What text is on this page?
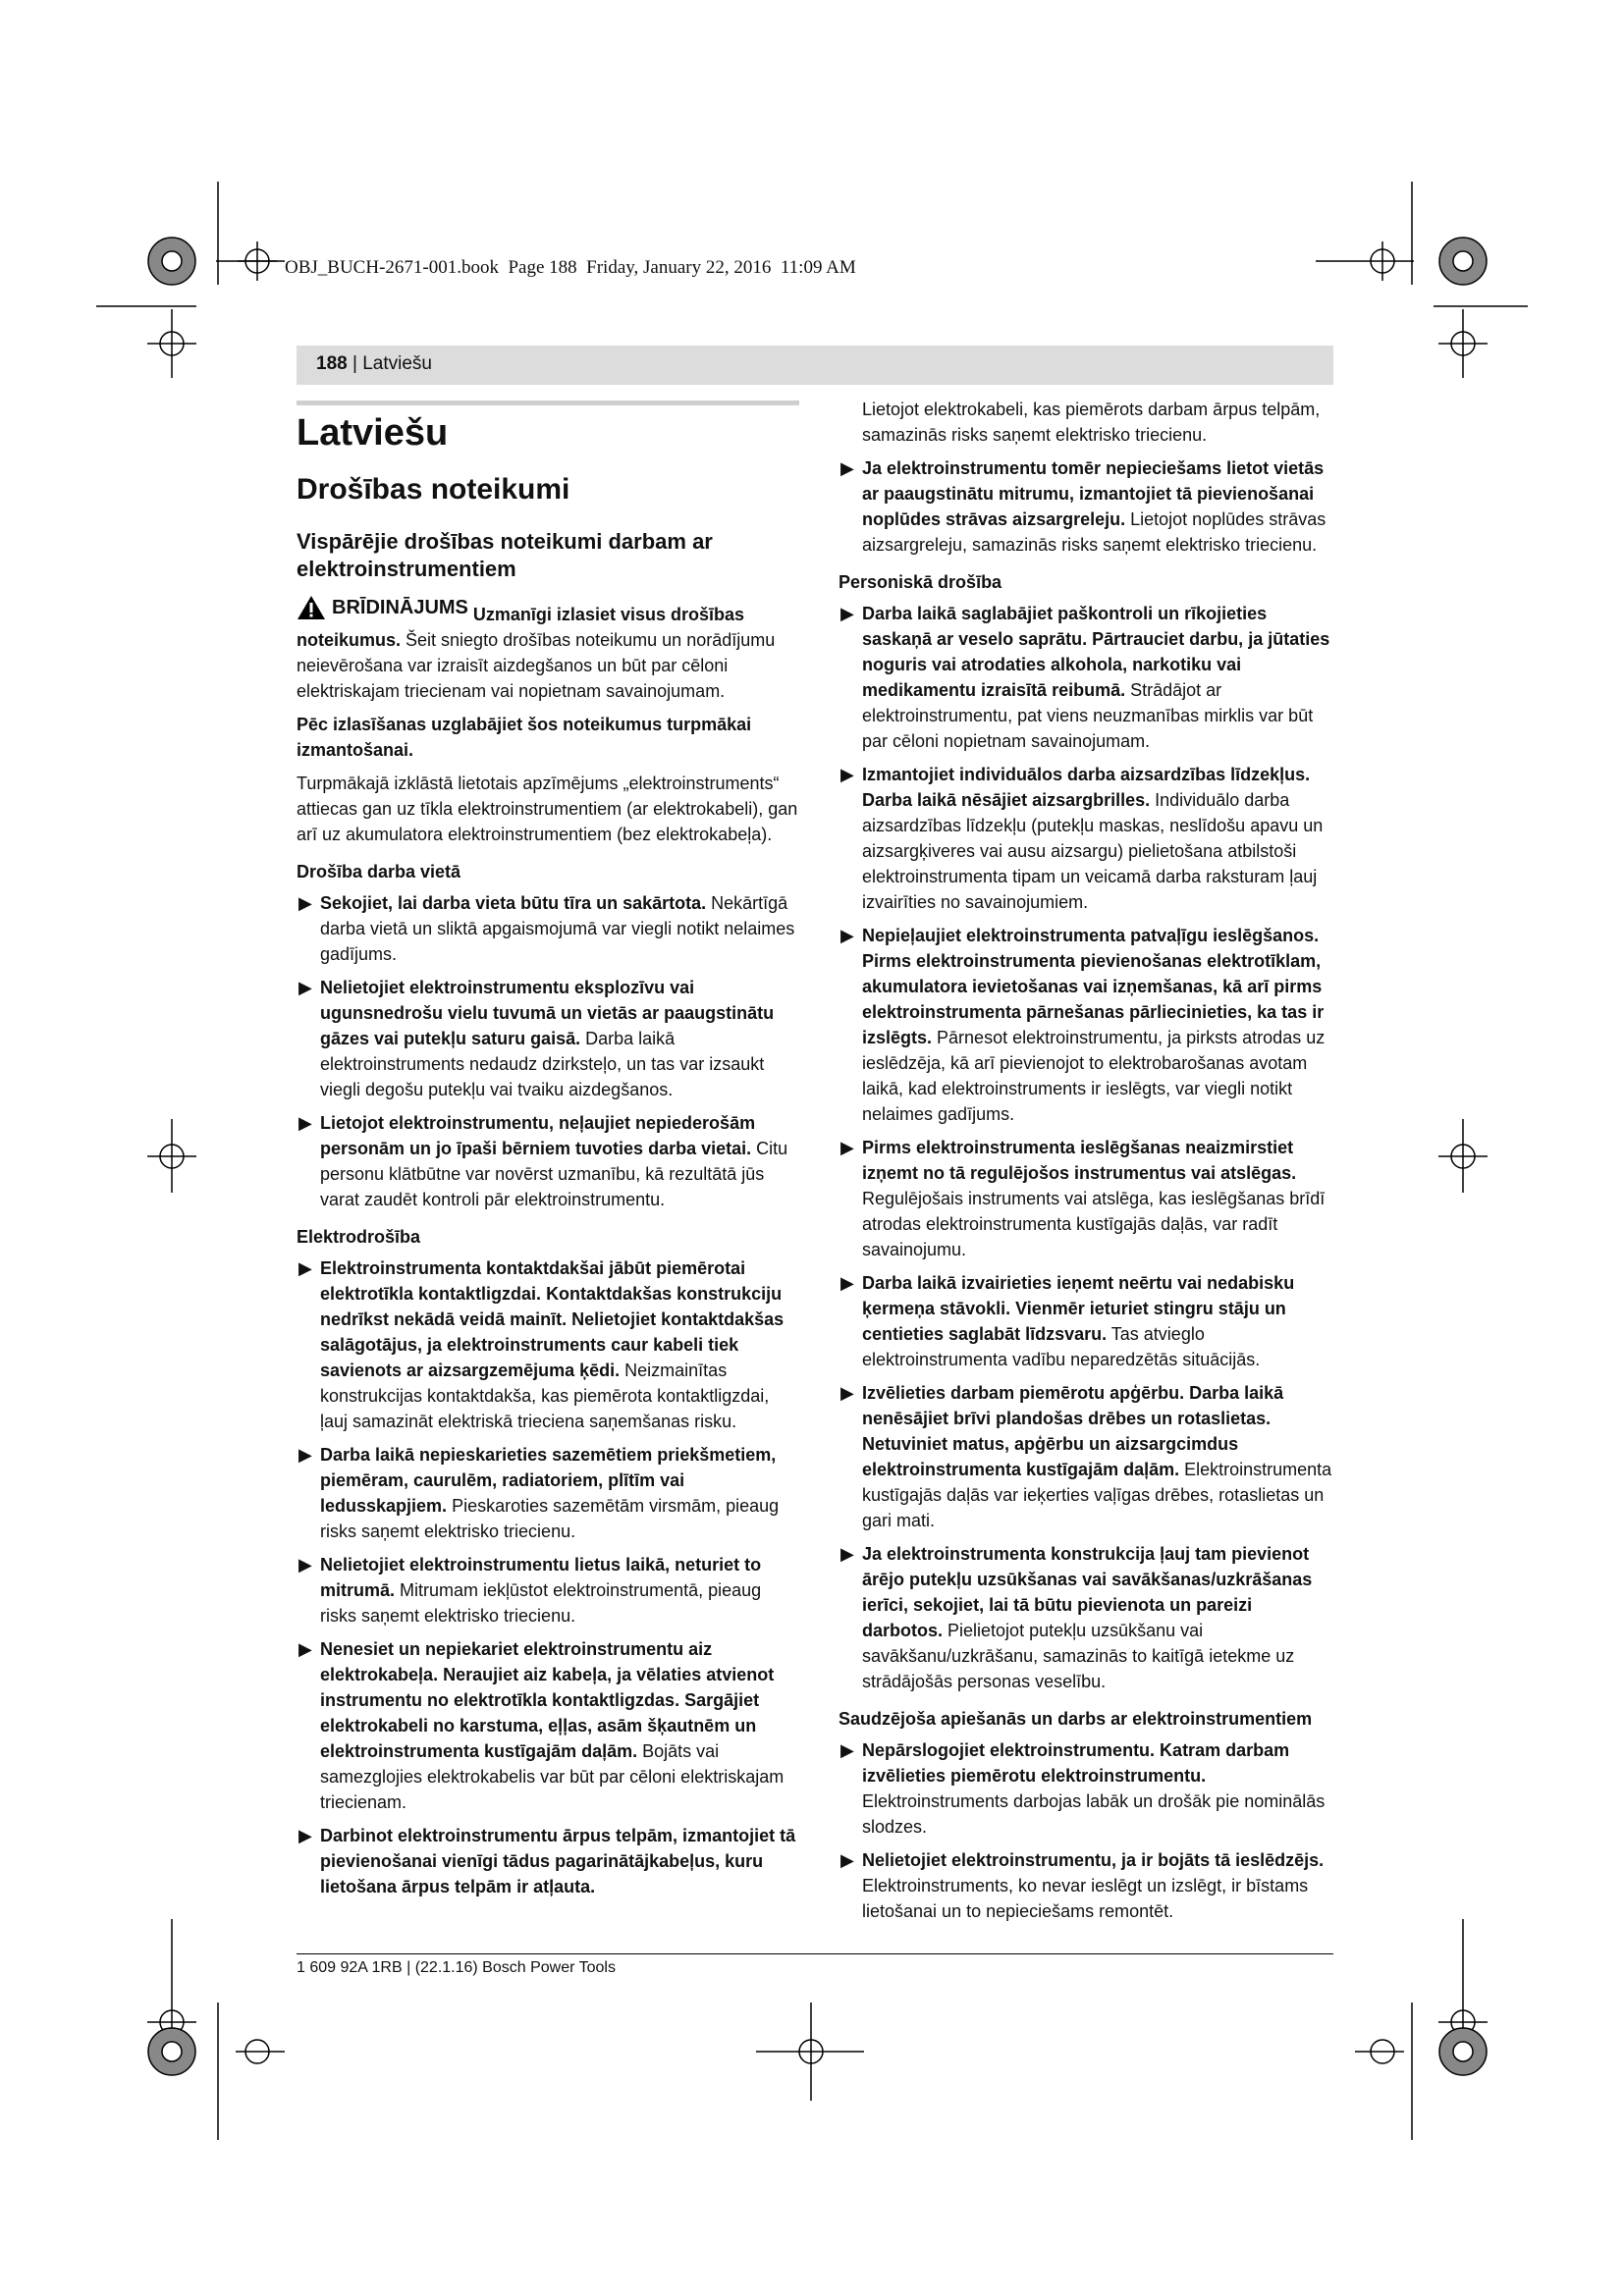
OBJ_BUCH-2671-001.book  Page 188  Friday, January 22, 2016  11:09 AM
188 | Latviešu
Latviešu
Drošības noteikumi
Vispārējie drošības noteikumi darbam ar elektroinstrumentiem

BRĪDINĀJUMS Uzmanīgi izlasiet visus drošības noteikumus. Šeit sniegto drošības noteikumu un norādījumu neievērošana var izraisīt aizdegšanos un būt par cēloni elektriskajam triecienam vai nopietnam savainojumam.

Pēc izlasīšanas uzglabājiet šos noteikumus turpmākai izmantošanai.

Turpmākajā izklāstā lietotais apzīmējums „elektroinstruments“ attiecas gan uz tīkla elektroinstrumentiem (ar elektrokabeli), gan arī uz akumulatora elektroinstrumentiem (bez elektrokabeļa).

Drošība darba vietā
▶ Sekojiet, lai darba vieta būtu tīra un sakārtota. Nekārtīgā darba vietā un sliktā apgaismojumā var viegli notikt nelaimes gadījums.
▶ Nelietojiet elektroinstrumentu eksplozīvu vai ugunsnedrošu vielu tuvumā un vietās ar paaugstinātu gāzes vai putekļu saturu gaisā. Darba laikā elektroinstruments nedaudz dzirksteļo, un tas var izsaukt viegli degošu putekļu vai tvaiku aizdegšanos.
▶ Lietojot elektroinstrumentu, neļaujiet nepiederošām personām un jo īpaši bērniem tuvoties darba vietai. Citu personu klātbūtne var novērst uzmanību, kā rezultātā jūs varat zaudēt kontroli pār elektroinstrumentu.
Elektrodrošība
▶ Elektroinstrumenta kontaktdakšai jābūt piemērotai elektrotīkla kontaktligzdai. Kontaktdakšas konstrukciju nedrīkst nekādā veidā mainīt. Nelietojiet kontaktdakšas salāgotājus, ja elektroinstruments caur kabeli tiek savienots ar aizsargzemējuma ķēdi. Neizmainītas konstrukcijas kontaktdakša, kas piemērota kontaktligzdai, ļauj samazināt elektriskā trieciena saņemšanas risku.
▶ Darba laikā nepieskarieties sazemētiem priekšmetiem, piemēram, caurulēm, radiatoriem, plītīm vai ledusskapjiem. Pieskaroties sazemētām virsmām, pieaug risks saņemt elektrisko triecienu.
▶ Nelietojiet elektroinstrumentu lietus laikā, neturiet to mitrumā. Mitrumam iekļūstot elektroinstrumentā, pieaug risks saņemt elektrisko triecienu.
▶ Nenesiet un nepiekariet elektroinstrumentu aiz elektrokabeļa. Neraujiet aiz kabeļa, ja vēlaties atvienot instrumentu no elektrotīkla kontaktligzdas. Sargājiet elektrokabeli no karstuma, eļļas, asām šķautnēm un elektroinstrumenta kustīgajām daļām. Bojāts vai samezglojies elektrokabelis var būt par cēloni elektriskajam triecienam.
▶ Darbinot elektroinstrumentu ārpus telpām, izmantojiet tā pievienošanai vienīgi tādus pagarinātājkabeļus, kuru lietošana ārpus telpām ir atļauta.

Lietojot elektrokabeli, kas piemērots darbam ārpus telpām, samazinās risks saņemt elektrisko triecienu.

▶ Ja elektroinstrumentu tomēr nepieciešams lietot vietās ar paaugstinātu mitrumu, izmantojiet tā pievienošanai noplūdes strāvas aizsargreleju. Lietojot noplūdes strāvas aizsargreleju, samazinās risks saņemt elektrisko triecienu.
Personiskā drošība
▶ Darba laikā saglabājiet paškontroli un rīkojieties saskaņā ar veselo saprātu. Pārtrauciet darbu, ja jūtaties noguris vai atrodaties alkohola, narkotiku vai medikamentu izraisītā reibumā. Strādājot ar elektroinstrumentu, pat viens neuzmanības mirklis var būt par cēloni nopietnam savainojumam.
▶ Izmantojiet individuālos darba aizsardzības līdzekļus. Darba laikā nēsājiet aizsargbrilles. Individuālo darba aizsardzības līdzekļu (putekļu maskas, neslīdošu apavu un aizsargķiveres vai ausu aizsargu) pielietošana atbilstoši elektroinstrumenta tipam un veicamā darba raksturam ļauj izvairīties no savainojumiem.
▶ Nepieļaujiet elektroinstrumenta patvaļīgu ieslēgšanos. Pirms elektroinstrumenta pievienošanas elektrotīklam, akumulatora ievietošanas vai izņemšanas, kā arī pirms elektroinstrumenta pārnešanas pārliecinieties, ka tas ir izslēgts. Pārnesot elektroinstrumentu, ja pirksts atrodas uz ieslēdzēja, kā arī pievienojot to elektrobarošanas avotam laikā, kad elektroinstruments ir ieslēgts, var viegli notikt nelaimes gadījums.
▶ Pirms elektroinstrumenta ieslēgšanas neaizmirstiet izņemt no tā regulējošos instrumentus vai atslēgas. Regulējošais instruments vai atslēga, kas ieslēgšanas brīdī atrodas elektroinstrumenta kustīgajās daļās, var radīt savainojumu.
▶ Darba laikā izvairieties ieņemt neērtu vai nedabisku ķermeņa stāvokli. Vienmēr ieturiet stingru stāju un centieties saglabāt līdzsvaru. Tas atvieglo elektroinstrumenta vadību neparedzētās situācijās.
▶ Izvēlieties darbam piemērotu apģērbu. Darba laikā nenēsājiet brīvi plandošas drēbes un rotaslietas. Netuviniet matus, apģērbu un aizsargcimdus elektroinstrumenta kustīgajām daļām. Elektroinstrumenta kustīgajās daļās var ieķerties vaļīgas drēbes, rotaslietas un gari mati.
▶ Ja elektroinstrumenta konstrukcija ļauj tam pievienot ārējo putekļu uzsūkšanas vai savākšanas/uzkrāšanas ierīci, sekojiet, lai tā būtu pievienota un pareizi darbotos. Pielietojot putekļu uzsūkšanu vai savākšanu/uzkrāšanu, samazinās to kaitīgā ietekme uz strādājošās personas veselību.
Saudzējoša apiešanās un darbs ar elektroinstrumentiem
▶ Nepārslogojiet elektroinstrumentu. Katram darbam izvēlieties piemērotu elektroinstrumentu. Elektroinstruments darbojas labāk un drošāk pie nominālās slodzes.
▶ Nelietojiet elektroinstrumentu, ja ir bojāts tā ieslēdzējs. Elektroinstruments, ko nevar ieslēgt un izslēgt, ir bīstams lietošanai un to nepieciešams remontēt.
1 609 92A 1RB | (22.1.16) Bosch Power Tools
